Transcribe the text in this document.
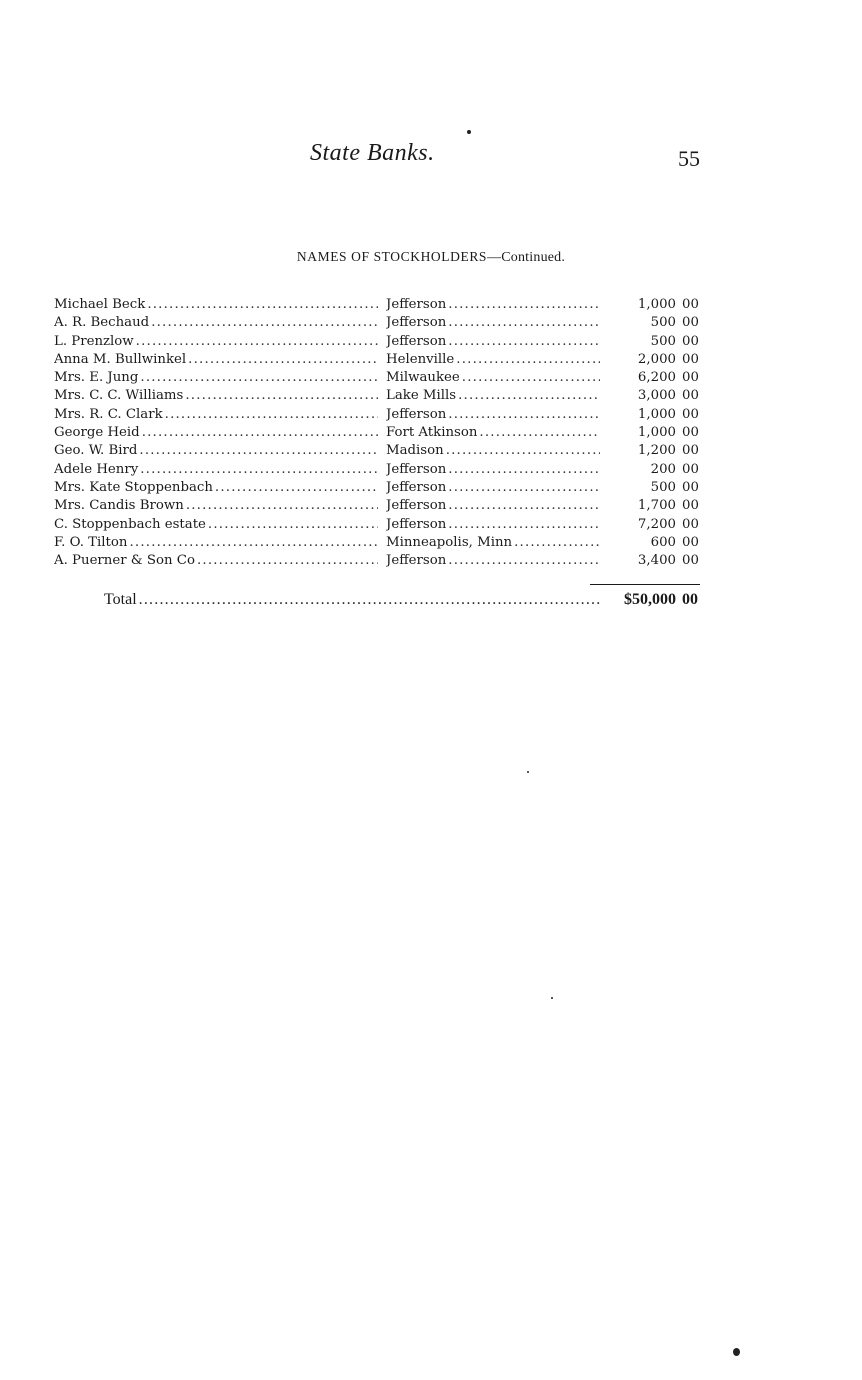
State Banks.	55
NAMES OF STOCKHOLDERS—Continued.
Michael Beck .....	Jefferson .....	1,000 00
A. R. Bechaud .....	Jefferson .....	500 00
L. Prenzlow .....	Jefferson .....	500 00
Anna M. Bullwinkel .....	Helenville .....	2,000 00
Mrs. E. Jung .....	Milwaukee .....	6,200 00
Mrs. C. C. Williams .....	Lake Mills .....	3,000 00
Mrs. R. C. Clark .....	Jefferson .....	1,000 00
George Heid .....	Fort Atkinson .....	1,000 00
Geo. W. Bird .....	Madison .....	1,200 00
Adele Henry .....	Jefferson .....	200 00
Mrs. Kate Stoppenbach .....	Jefferson .....	500 00
Mrs. Candis Brown .....	Jefferson .....	1,700 00
C. Stoppenbach estate .....	Jefferson .....	7,200 00
F. O. Tilton .....	Minneapolis, Minn .....	600 00
A. Puerner & Son Co .....	Jefferson .....	3,400 00
Total .....	$50,000 00
